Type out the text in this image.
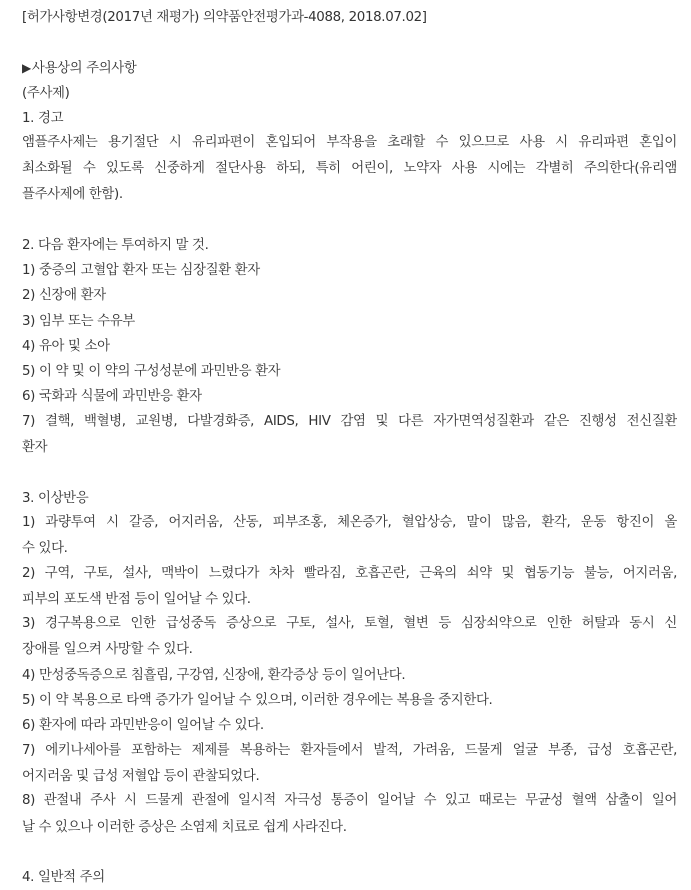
[허가사항변경(2017년 재평가) 의약품안전평가과-4088, 2018.07.02]
▶사용상의 주의사항
(주사제)
1. 경고
앰플주사제는 용기절단 시 유리파편이 혼입되어 부작용을 초래할 수 있으므로 사용 시 유리파편 혼입이
최소화될 수 있도록 신중하게 절단사용 하되, 특히 어린이, 노약자 사용 시에는 각별히 주의한다(유리앰
플주사제에 한함).
2. 다음 환자에는 투여하지 말 것.
1) 중증의 고혈압 환자 또는 심장질환 환자
2) 신장애 환자
3) 임부 또는 수유부
4) 유아 및 소아
5) 이 약 및 이 약의 구성성분에 과민반응 환자
6) 국화과 식물에 과민반응 환자
7) 결핵, 백혈병, 교원병, 다발경화증, AIDS, HIV 감염 및 다른 자가면역성질환과 같은 진행성 전신질환
환자
3. 이상반응
1) 과량투여 시 갈증, 어지러움, 산동, 피부조홍, 체온증가, 혈압상승, 말이 많음, 환각, 운동 항진이 올
수 있다.
2) 구역, 구토, 설사, 맥박이 느렸다가 차차 빨라짐, 호흡곤란, 근육의 쇠약 및 협동기능 불능, 어지러움,
피부의 포도색 반점 등이 일어날 수 있다.
3) 경구복용으로 인한 급성중독 증상으로 구토, 설사, 토혈, 혈변 등 심장쇠약으로 인한 허탈과 동시 신
장애를 일으켜 사망할 수 있다.
4) 만성중독증으로 침흘림, 구강염, 신장애, 환각증상 등이 일어난다.
5) 이 약 복용으로 타액 증가가 일어날 수 있으며, 이러한 경우에는 복용을 중지한다.
6) 환자에 따라 과민반응이 일어날 수 있다.
7) 에키나세아를 포함하는 제제를 복용하는 환자들에서 발적, 가려움, 드물게 얼굴 부종, 급성 호흡곤란,
어지러움 및 급성 저혈압 등이 관찰되었다.
8) 관절내 주사 시 드물게 관절에 일시적 자극성 통증이 일어날 수 있고 때로는 무균성 혈액 삼출이 일어
날 수 있으나 이러한 증상은 소염제 치료로 쉽게 사라진다.
4. 일반적 주의
